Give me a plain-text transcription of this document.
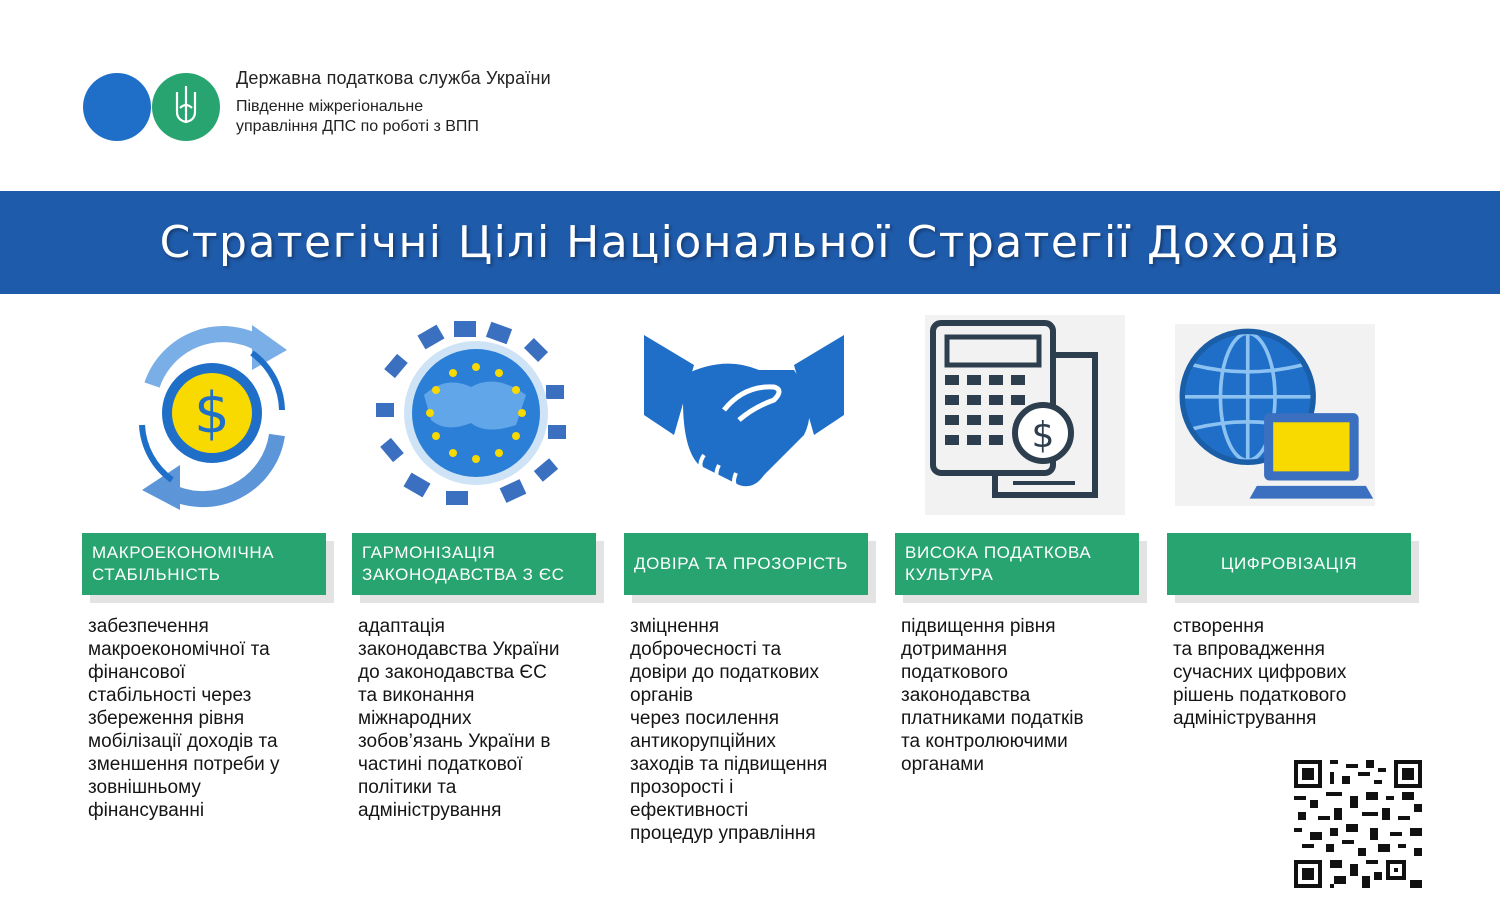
Державна податкова служба України
Південне міжрегіональне
управління ДПС по роботі з ВПП
Стратегічні Цілі Національної Стратегії Доходів
$
МАКРОЕКОНОМІЧНА СТАБІЛЬНІСТЬ
забезпечення
макроекономічної та
фінансової
стабільності через
збереження рівня
мобілізації доходів та
зменшення потреби у
зовнішньому
фінансуванні
ГАРМОНІЗАЦІЯ ЗАКОНОДАВСТВА З ЄС
адаптація
законодавства України
до законодавства ЄС
та виконання
міжнародних
зобов’язань України в
частині податкової
політики та
адміністрування
ДОВІРА ТА ПРОЗОРІСТЬ
зміцнення
доброчесності та
довіри до податкових
органів
через посилення
антикорупційних
заходів та підвищення
прозорості і
ефективності
процедур управління
$
ВИСОКА ПОДАТКОВА КУЛЬТУРА
підвищення рівня
дотримання
податкового
законодавства
платниками податків
та контролюючими
органами
ЦИФРОВІЗАЦІЯ
створення
та впровадження
сучасних цифрових
рішень податкового
адміністрування
